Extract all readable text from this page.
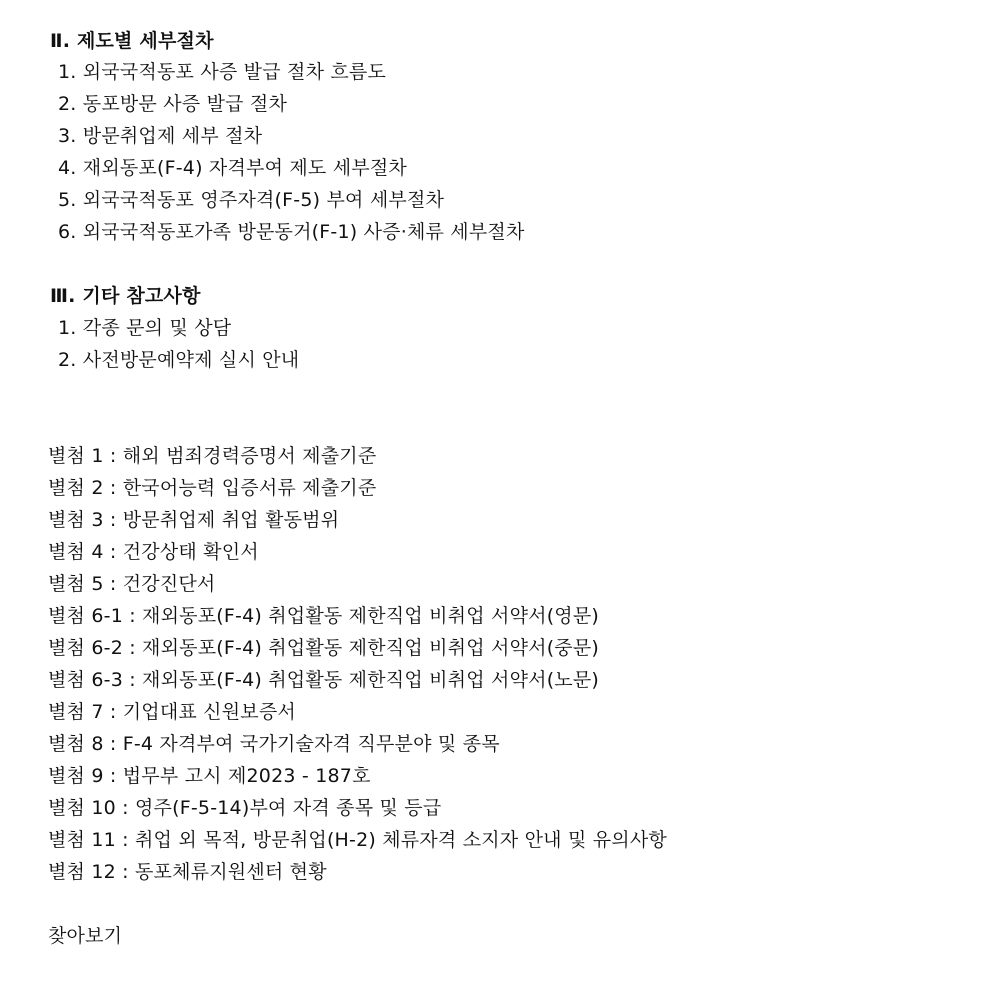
Ⅱ. 제도별 세부절차
1. 외국국적동포 사증 발급 절차 흐름도
2. 동포방문 사증 발급 절차
3. 방문취업제 세부 절차
4. 재외동포(F-4) 자격부여 제도 세부절차
5. 외국국적동포 영주자격(F-5) 부여 세부절차
6. 외국국적동포가족 방문동거(F-1) 사증·체류 세부절차
Ⅲ. 기타 참고사항
1. 각종 문의 및 상담
2. 사전방문예약제 실시 안내
별첨 1 : 해외 범죄경력증명서 제출기준
별첨 2 : 한국어능력 입증서류 제출기준
별첨 3 : 방문취업제 취업 활동범위
별첨 4 : 건강상태 확인서
별첨 5 : 건강진단서
별첨 6-1 : 재외동포(F-4) 취업활동 제한직업 비취업 서약서(영문)
별첨 6-2 : 재외동포(F-4) 취업활동 제한직업 비취업 서약서(중문)
별첨 6-3 : 재외동포(F-4) 취업활동 제한직업 비취업 서약서(노문)
별첨 7 : 기업대표 신원보증서
별첨 8 : F-4 자격부여 국가기술자격 직무분야 및 종목
별첨 9 : 법무부 고시 제2023 - 187호
별첨 10 : 영주(F-5-14)부여 자격 종목 및 등급
별첨 11 : 취업 외 목적, 방문취업(H-2) 체류자격 소지자 안내 및 유의사항
별첨 12 : 동포체류지원센터 현황
찾아보기
